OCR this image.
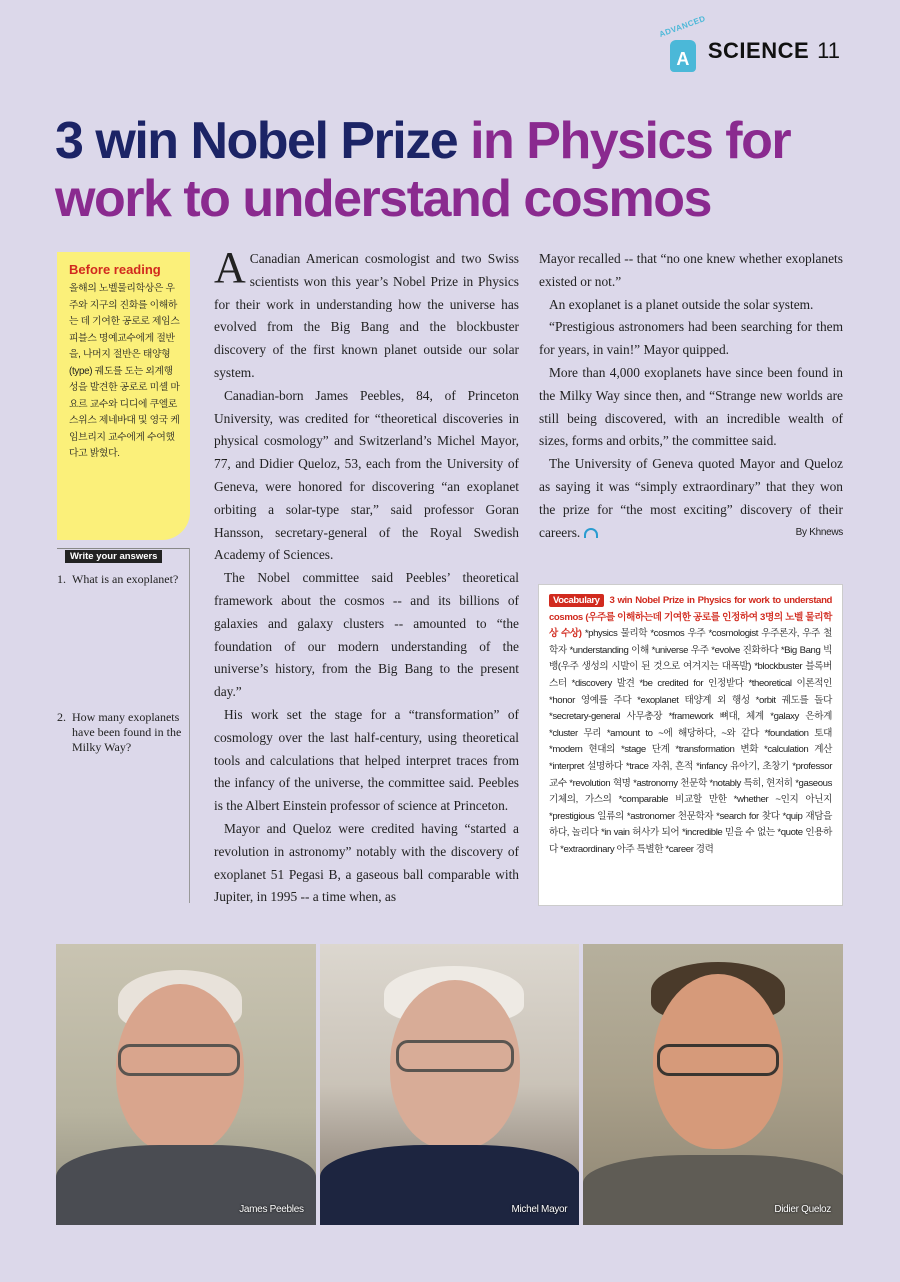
ADVANCED
A SCIENCE 11
3 win Nobel Prize in Physics for work to understand cosmos
Before reading
올해의 노벨물리학상은 우주와 지구의 진화를 이해하는 데 기여한 공로로 제임스 피블스 명예교수에게 절반을, 나머지 절반은 태양형(type) 궤도를 도는 외계행성을 발견한 공로로 미셸 마요르 교수와 디디에 쿠엘로 스위스 제네바대 및 영국 케임브리지 교수에게 수여했다고 밝혔다.
Write your answers
1. What is an exoplanet?
2. How many exoplanets have been found in the Milky Way?

A Canadian American cosmologist and two Swiss scientists won this year’s Nobel Prize in Physics for their work in understanding how the universe has evolved from the Big Bang and the blockbuster discovery of the first known planet outside our solar system.

Canadian-born James Peebles, 84, of Princeton University, was credited for “theoretical discoveries in physical cosmology” and Switzerland’s Michel Mayor, 77, and Didier Queloz, 53, each from the University of Geneva, were honored for discovering “an exoplanet orbiting a solar-type star,” said professor Goran Hansson, secretary-general of the Royal Swedish Academy of Sciences.

The Nobel committee said Peebles’ theoretical framework about the cosmos -- and its billions of galaxies and galaxy clusters -- amounted to “the foundation of our modern understanding of the universe’s history, from the Big Bang to the present day.”

His work set the stage for a “transformation” of cosmology over the last half-century, using theoretical tools and calculations that helped interpret traces from the infancy of the universe, the committee said. Peebles is the Albert Einstein professor of science at Princeton.

Mayor and Queloz were credited having “started a revolution in astronomy” notably with the discovery of exoplanet 51 Pegasi B, a gaseous ball comparable with Jupiter, in 1995 -- a time when, as

Mayor recalled -- that “no one knew whether exoplanets existed or not.”

An exoplanet is a planet outside the solar system.

“Prestigious astronomers had been searching for them for years, in vain!” Mayor quipped.

More than 4,000 exoplanets have since been found in the Milky Way since then, and “Strange new worlds are still being discovered, with an incredible wealth of sizes, forms and orbits,” the committee said.

The University of Geneva quoted Mayor and Queloz as saying it was “simply extraordinary” that they won the prize for “the most exciting” discovery of their careers.	By Khnews
Vocabulary 3 win Nobel Prize in Physics for work to understand cosmos (우주를 이해하는데 기여한 공로를 인정하여 3명의 노벨 물리학상 수상) *physics 물리학 *cosmos 우주 *cosmologist 우주론자, 우주 철학자 *understanding 이해 *universe 우주 *evolve 진화하다 *Big Bang 빅뱅(우주 생성의 시발이 된 것으로 여겨지는 대폭발) *blockbuster 블록버스터 *discovery 발견 *be credited for 인정받다 *theoretical 이론적인 *honor 영예를 주다 *exoplanet 태양계 외 행성 *orbit 궤도를 돌다 *secretary-general 사무총장 *framework 뼈대, 체계 *galaxy 은하계 *cluster 무리 *amount to ~에 해당하다, ~와 같다 *foundation 토대 *modern 현대의 *stage 단계 *transformation 변화 *calculation 계산 *interpret 설명하다 *trace 자취, 흔적 *infancy 유아기, 초창기 *professor 교수 *revolution 혁명 *astronomy 천문학 *notably 특히, 현저히 *gaseous 기체의, 가스의 *comparable 비교할 만한 *whether ~인지 아닌지 *prestigious 일류의 *astronomer 천문학자 *search for 찾다 *quip 재담을 하다, 놀리다 *in vain 허사가 되어 *incredible 믿을 수 없는 *quote 인용하다 *extraordinary 아주 특별한 *career 경력
James Peebles	Michel Mayor	Didier Queloz
